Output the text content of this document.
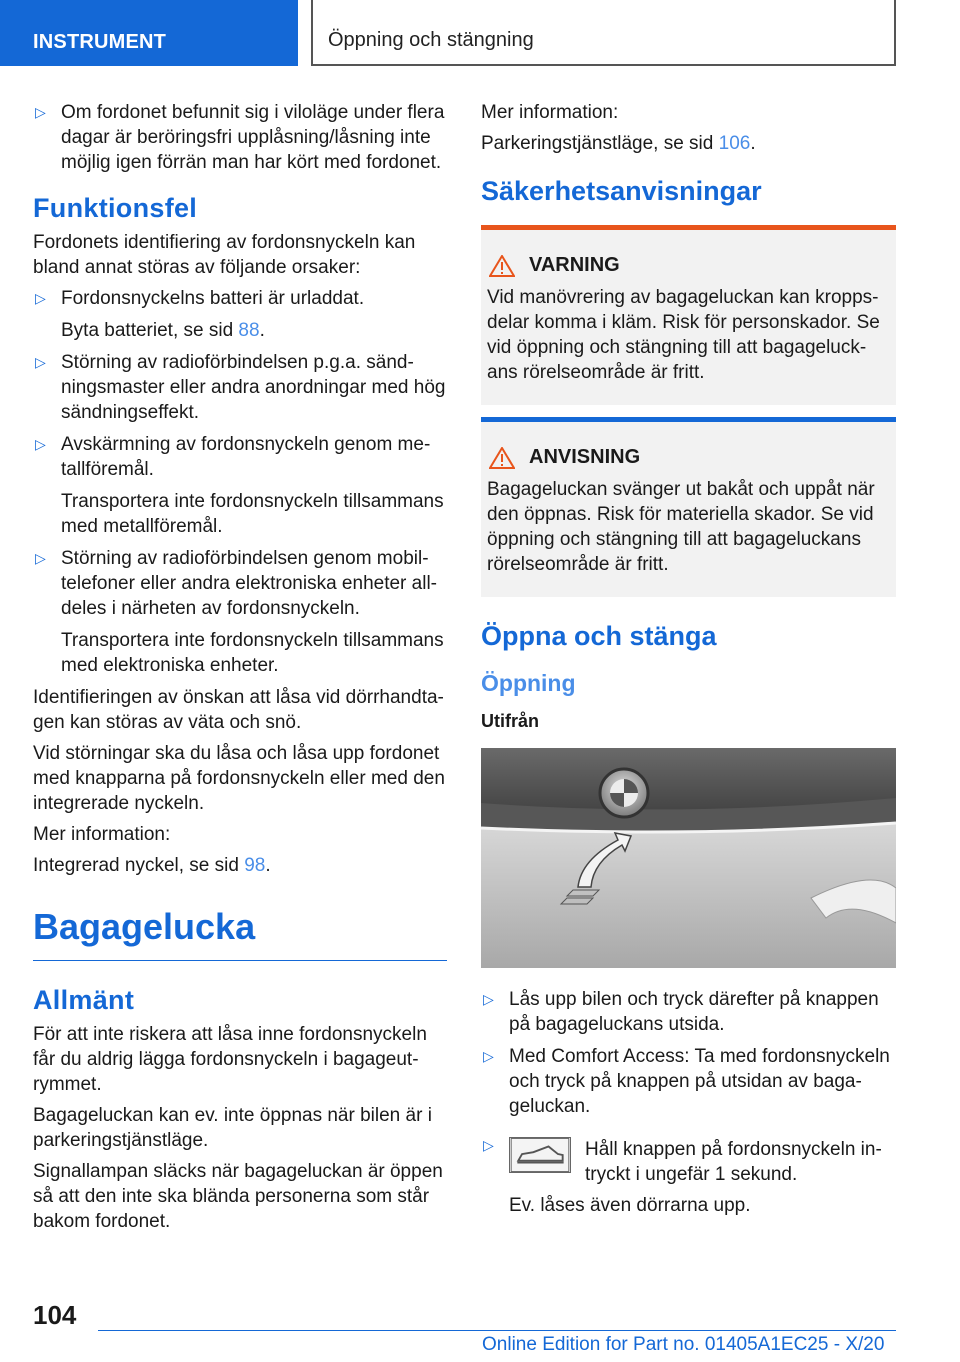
INSTRUMENT	Öppning och stängning
▷ Om fordonet befunnit sig i viloläge under flera dagar är beröringsfri upplåsning/låsning inte möjlig igen förrän man har kört med fordonet.
Funktionsfel

Fordonets identifiering av fordonsnyckeln kan bland annat störas av följande orsaker:

▷ Fordonsnyckelns batteri är urladdat.
Byta batteriet, se sid 88.
▷ Störning av radioförbindelsen p.g.a. sändningsmaster eller andra anordningar med hög sändningseffekt.
▷ Avskärmning av fordonsnyckeln genom metallföremål.
Transportera inte fordonsnyckeln tillsammans med metallföremål.
▷ Störning av radioförbindelsen genom mobiltelefoner eller andra elektroniska enheter alldeles i närheten av fordonsnyckeln.
Transportera inte fordonsnyckeln tillsammans med elektroniska enheter.

Identifieringen av önskan att låsa vid dörrhandtagen kan störas av väta och snö.

Vid störningar ska du låsa och låsa upp fordonet med knapparna på fordonsnyckeln eller med den integrerade nyckeln.

Mer information:

Integrerad nyckel, se sid 98.

Bagagelucka
Allmänt

För att inte riskera att låsa inne fordonsnyckeln får du aldrig lägga fordonsnyckeln i bagageutrymmet.

Bagageluckan kan ev. inte öppnas när bilen är i parkeringstjänstläge.

Signallampan släcks när bagageluckan är öppen så att den inte ska blända personerna som står bakom fordonet.

Mer information:

Parkeringstjänstläge, se sid 106.

Säkerhetsanvisningar
VARNING

Vid manövrering av bagageluckan kan kroppsdelar komma i kläm. Risk för personskador. Se vid öppning och stängning till att bagageluckans rörelseområde är fritt.

ANVISNING

Bagageluckan svänger ut bakåt och uppåt när den öppnas. Risk för materiella skador. Se vid öppning och stängning till att bagageluckans rörelseområde är fritt.

Öppna och stänga
Öppning
Utifrån
▷ Lås upp bilen och tryck därefter på knappen på bagageluckans utsida.
▷ Med Comfort Access: Ta med fordonsnyckeln och tryck på knappen på utsidan av bagageluckan.
▷	Håll knappen på fordonsnyckeln intryckt i ungefär 1 sekund.
Ev. låses även dörrarna upp.
104
Online Edition for Part no. 01405A1EC25 - X/20
